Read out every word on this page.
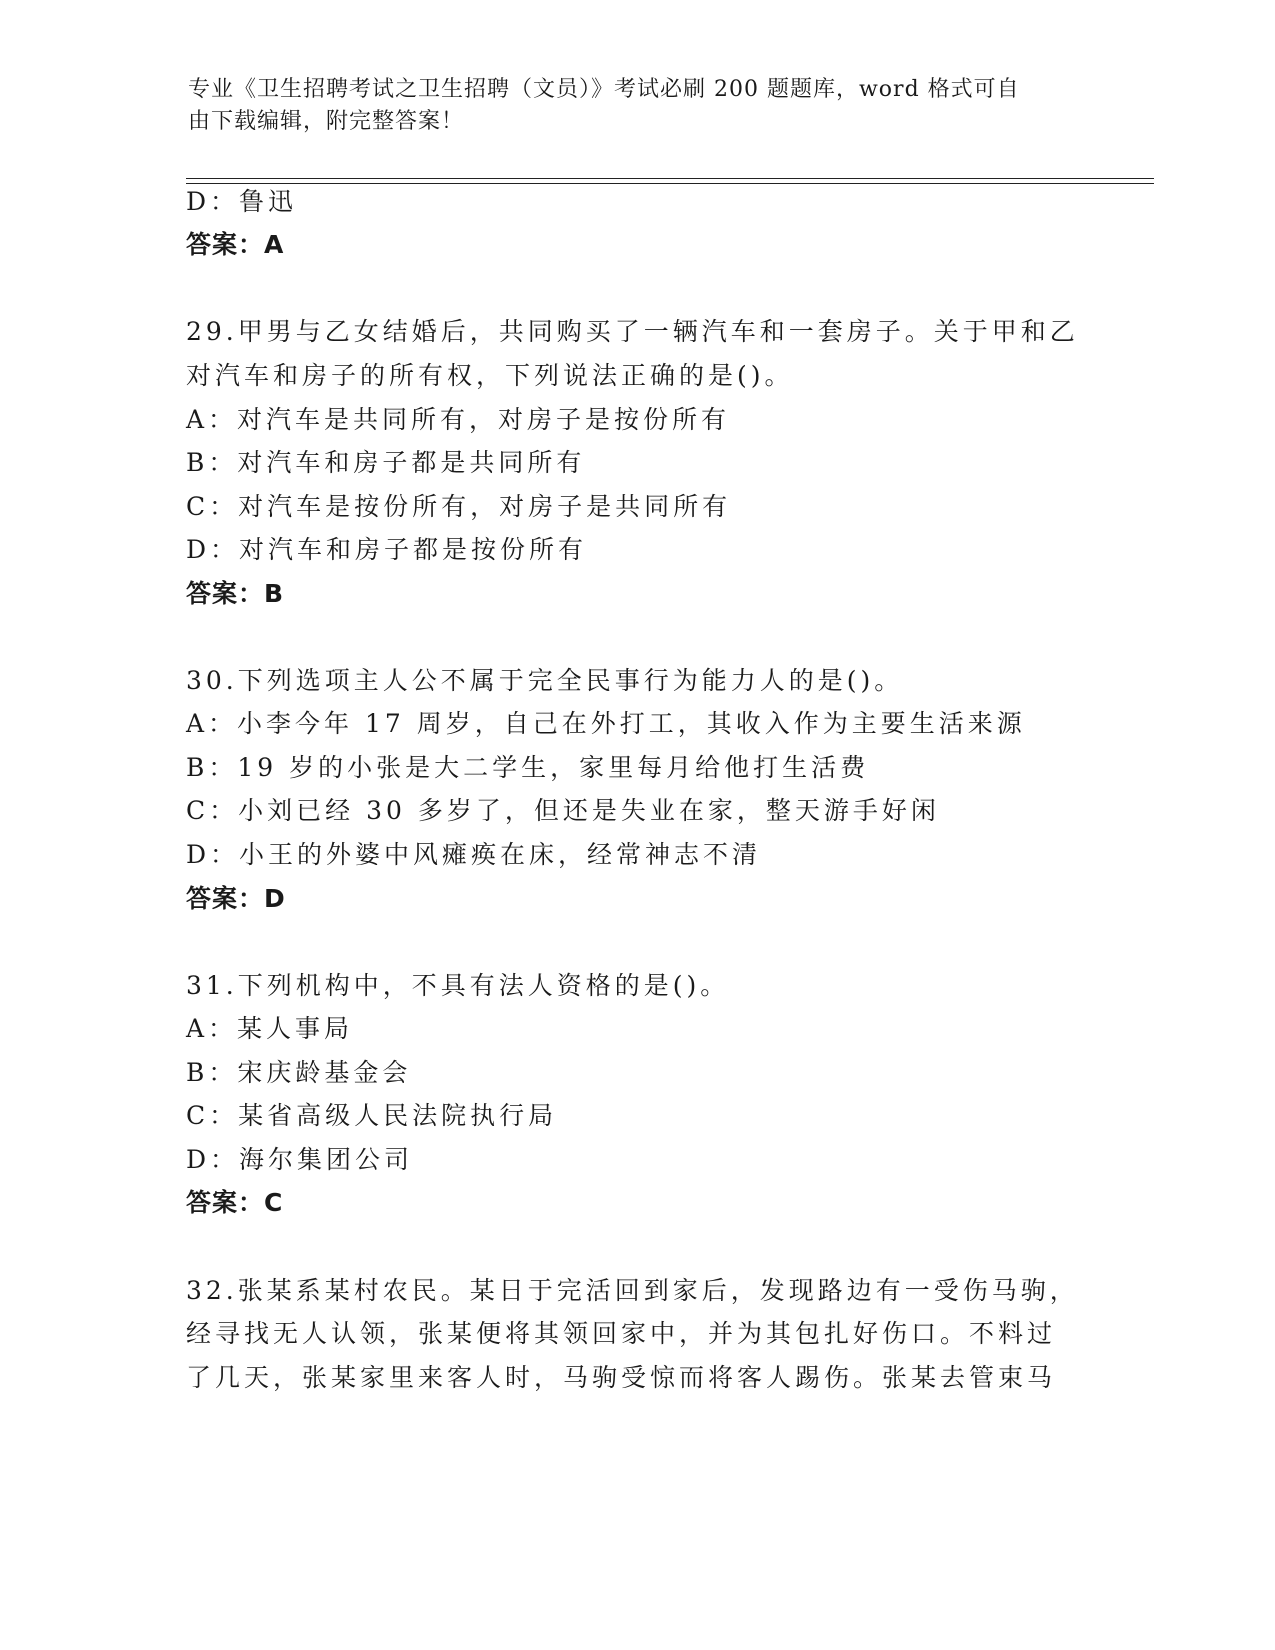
专业《卫生招聘考试之卫生招聘（文员）》考试必刷 200 题题库，word 格式可自
由下载编辑，附完整答案！
D：鲁迅
答案：A
29.甲男与乙女结婚后，共同购买了一辆汽车和一套房子。关于甲和乙
对汽车和房子的所有权，下列说法正确的是()。
A：对汽车是共同所有，对房子是按份所有
B：对汽车和房子都是共同所有
C：对汽车是按份所有，对房子是共同所有
D：对汽车和房子都是按份所有
答案：B
30.下列选项主人公不属于完全民事行为能力人的是()。
A：小李今年 17 周岁，自己在外打工，其收入作为主要生活来源
B：19 岁的小张是大二学生，家里每月给他打生活费
C：小刘已经 30 多岁了，但还是失业在家，整天游手好闲
D：小王的外婆中风瘫痪在床，经常神志不清
答案：D
31.下列机构中，不具有法人资格的是()。
A：某人事局
B：宋庆龄基金会
C：某省高级人民法院执行局
D：海尔集团公司
答案：C
32.张某系某村农民。某日于完活回到家后，发现路边有一受伤马驹，
经寻找无人认领，张某便将其领回家中，并为其包扎好伤口。不料过
了几天，张某家里来客人时，马驹受惊而将客人踢伤。张某去管束马
